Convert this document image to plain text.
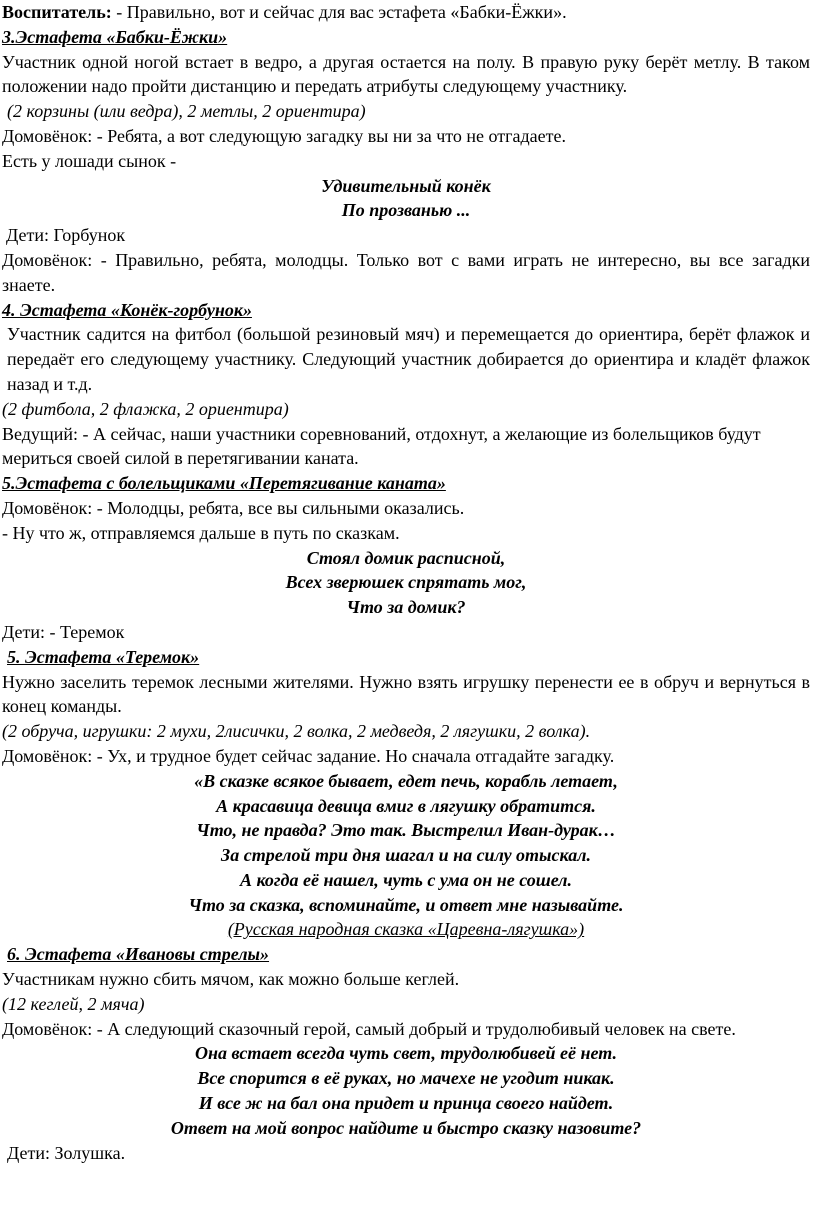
Воспитатель: - Правильно, вот и сейчас для вас эстафета «Бабки-Ёжки».

3.Эстафета «Бабки-Ёжки»

Участник одной ногой встает в ведро, а другая остается на полу. В правую руку берёт метлу. В таком положении надо пройти дистанцию и передать атрибуты следующему участнику.

(2 корзины (или ведра), 2 метлы, 2 ориентира)

Домовёнок: - Ребята, а вот следующую загадку вы ни за что не отгадаете.

Есть у лошади сынок -

Удивительный конёк

По прозванью ...

Дети: Горбунок

Домовёнок: - Правильно, ребята, молодцы. Только вот с вами играть не интересно, вы все загадки знаете.

4. Эстафета «Конёк-горбунок»

Участник садится на фитбол (большой резиновый мяч) и перемещается до ориентира, берёт флажок и передаёт его следующему участнику. Следующий участник добирается до ориентира и кладёт флажок назад и т.д.

(2 фитбола, 2 флажка, 2 ориентира)

Ведущий: - А сейчас, наши участники соревнований, отдохнут, а желающие из болельщиков будут мериться своей силой в перетягивании каната.

5.Эстафета с болельщиками «Перетягивание каната»

Домовёнок: - Молодцы, ребята, все вы сильными оказались.

- Ну что ж, отправляемся дальше в путь по сказкам.

Стоял домик расписной,

Всех зверюшек спрятать мог,

Что за домик?

Дети: - Теремок

5. Эстафета «Теремок»

Нужно заселить теремок лесными жителями. Нужно взять игрушку перенести ее в обруч и вернуться в конец команды.

(2 обруча, игрушки: 2 мухи, 2лисички, 2 волка, 2 медведя, 2 лягушки, 2 волка).

Домовёнок: - Ух, и трудное будет сейчас задание. Но сначала отгадайте загадку.

«В сказке всякое бывает, едет печь, корабль летает,

А красавица девица вмиг в лягушку обратится.

Что, не правда? Это так. Выстрелил Иван-дурак…

За стрелой три дня шагал и на силу отыскал.

А когда её нашел, чуть с ума он не сошел.

Что за сказка, вспоминайте, и ответ мне называйте.

(Русская народная сказка «Царевна-лягушка»)

6. Эстафета «Ивановы стрелы»

Участникам нужно сбить мячом, как можно больше кеглей.

(12 кеглей, 2 мяча)

Домовёнок: - А следующий сказочный герой, самый добрый и трудолюбивый человек на свете.

Она встает всегда чуть свет, трудолюбивей её нет.

Все спорится в её руках, но мачехе не угодит никак.

И все ж на бал она придет и принца своего найдет.

Ответ на мой вопрос найдите и быстро сказку назовите?

Дети: Золушка.
